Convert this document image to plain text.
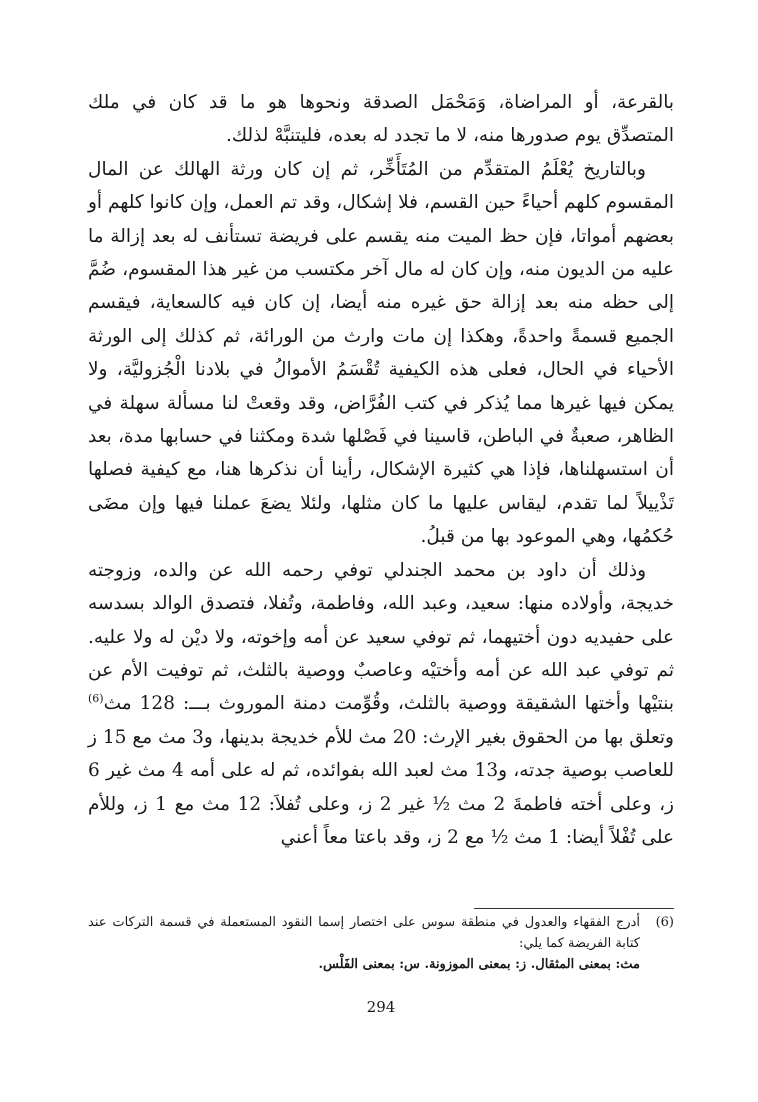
بالقرعة، أو المراضاة، وَمَحْمَل الصدقة ونحوها هو ما قد كان في ملك المتصدِّق يوم صدورها منه، لا ما تجدد له بعده، فليتنبَّهْ لذلك.

وبالتاريخ يُعْلَمُ المتقدِّم من المُتَأَخِّر، ثم إن كان ورثة الهالك عن المال المقسوم كلهم أحياءً حين القسم، فلا إشكال، وقد تم العمل، وإن كانوا كلهم أو بعضهم أمواتا، فإن حظ الميت منه يقسم على فريضة تستأنف له بعد إزالة ما عليه من الديون منه، وإن كان له مال آخر مكتسب من غير هذا المقسوم، ضُمَّ إلى حظه منه بعد إزالة حق غيره منه أيضا، إن كان فيه كالسعاية، فيقسم الجميع قسمةً واحدةً، وهكذا إن مات وارث من الورائة، ثم كذلك إلى الورثة الأحياء في الحال، فعلى هذه الكيفية تُقْسَمُ الأموالُ في بلادنا الْجُزوليَّة، ولا يمكن فيها غيرها مما يُذكر في كتب الفُرَّاض، وقد وقعتْ لنا مسألة سهلة في الظاهر، صعبةٌ في الباطن، قاسينا في فَصْلها شدة ومكثنا في حسابها مدة، بعد أن استسهلناها، فإذا هي كثيرة الإشكال، رأينا أن نذكرها هنا، مع كيفية فصلها تَذْييلاً لما تقدم، ليقاس عليها ما كان مثلها، ولئلا يضعَ عملنا فيها وإن مضَى حُكمُها، وهي الموعود بها من قبلُ.

وذلك أن داود بن محمد الجندلي توفي رحمه الله عن والده، وزوجته خديجة، وأولاده منها: سعيد، وعبد الله، وفاطمة، وتُفلا، فتصدق الوالد بسدسه على حفيديه دون أختيهما، ثم توفي سعيد عن أمه وإخوته، ولا ديْن له ولا عليه. ثم توفي عبد الله عن أمه وأختيْه وعاصبٌ ووصية بالثلث، ثم توفيت الأم عن بنتيْها وأختها الشقيقة ووصية بالثلث، وقُوِّمت دمنة الموروث بـــ: 128 مث$^{(6)}$ وتعلق بها من الحقوق بغير الإرث: 20 مث للأم خديجة بدينها، و3 مث مع 15 ز للعاصب بوصية جدته، و13 مث لعبد الله بفوائده، ثم له على أمه 4 مث غير 6 ز، وعلى أخته فاطمةَ 2 مث ½ غير 2 ز، وعلى تُفلاَ: 12 مث مع 1 ز، وللأم على تُفْلاً أيضا: 1 مث ½ مع 2 ز، وقد باعتا معاً أعني

(6)
أدرج الفقهاء والعدول في منطقة سوس على اختصار إسما النقود المستعملة في قسمة التركات عند كتابة الفريضة كما يلي:
مث: بمعنى المثقال. ز: بمعنى الموزونة. س: بمعنى الفَلْس.
294
